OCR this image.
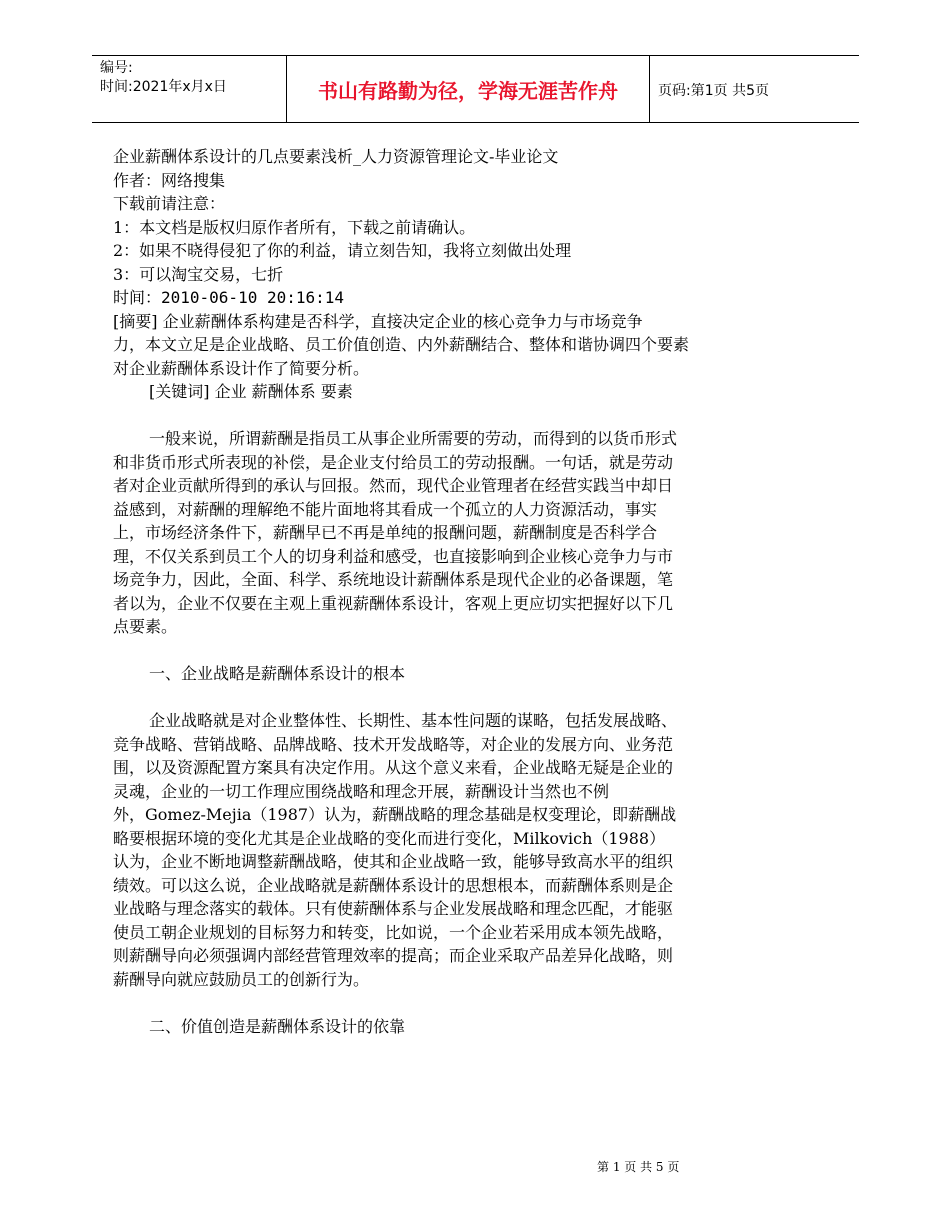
编号:
时间:2021年x月x日	书山有路勤为径，学海无涯苦作舟	页码:第1页 共5页
企业薪酬体系设计的几点要素浅析_人力资源管理论文-毕业论文
作者：网络搜集
下载前请注意：
1：本文档是版权归原作者所有，下载之前请确认。
2：如果不晓得侵犯了你的利益，请立刻告知，我将立刻做出处理
3：可以淘宝交易，七折
时间：2010-06-10 20:16:14
[摘要] 企业薪酬体系构建是否科学，直接决定企业的核心竞争力与市场竞争
力，本文立足是企业战略、员工价值创造、内外薪酬结合、整体和谐协调四个要素
对企业薪酬体系设计作了简要分析。
[关键词] 企业 薪酬体系 要素
一般来说，所谓薪酬是指员工从事企业所需要的劳动，而得到的以货币形式
和非货币形式所表现的补偿，是企业支付给员工的劳动报酬。一句话，就是劳动
者对企业贡献所得到的承认与回报。然而，现代企业管理者在经营实践当中却日
益感到，对薪酬的理解绝不能片面地将其看成一个孤立的人力资源活动，事实
上，市场经济条件下，薪酬早已不再是单纯的报酬问题，薪酬制度是否科学合
理，不仅关系到员工个人的切身利益和感受，也直接影响到企业核心竞争力与市
场竞争力，因此，全面、科学、系统地设计薪酬体系是现代企业的必备课题，笔
者以为，企业不仅要在主观上重视薪酬体系设计，客观上更应切实把握好以下几
点要素。
一、企业战略是薪酬体系设计的根本
企业战略就是对企业整体性、长期性、基本性问题的谋略，包括发展战略、
竞争战略、营销战略、品牌战略、技术开发战略等，对企业的发展方向、业务范
围，以及资源配置方案具有决定作用。从这个意义来看，企业战略无疑是企业的
灵魂，企业的一切工作理应围绕战略和理念开展，薪酬设计当然也不例
外，Gomez-Mejia（1987）认为，薪酬战略的理念基础是权变理论，即薪酬战
略要根据环境的变化尤其是企业战略的变化而进行变化，Milkovich（1988）
认为，企业不断地调整薪酬战略，使其和企业战略一致，能够导致高水平的组织
绩效。可以这么说，企业战略就是薪酬体系设计的思想根本，而薪酬体系则是企
业战略与理念落实的载体。只有使薪酬体系与企业发展战略和理念匹配，才能驱
使员工朝企业规划的目标努力和转变，比如说，一个企业若采用成本领先战略，
则薪酬导向必须强调内部经营管理效率的提高；而企业采取产品差异化战略，则
薪酬导向就应鼓励员工的创新行为。
二、价值创造是薪酬体系设计的依靠
第 1 页 共 5 页
